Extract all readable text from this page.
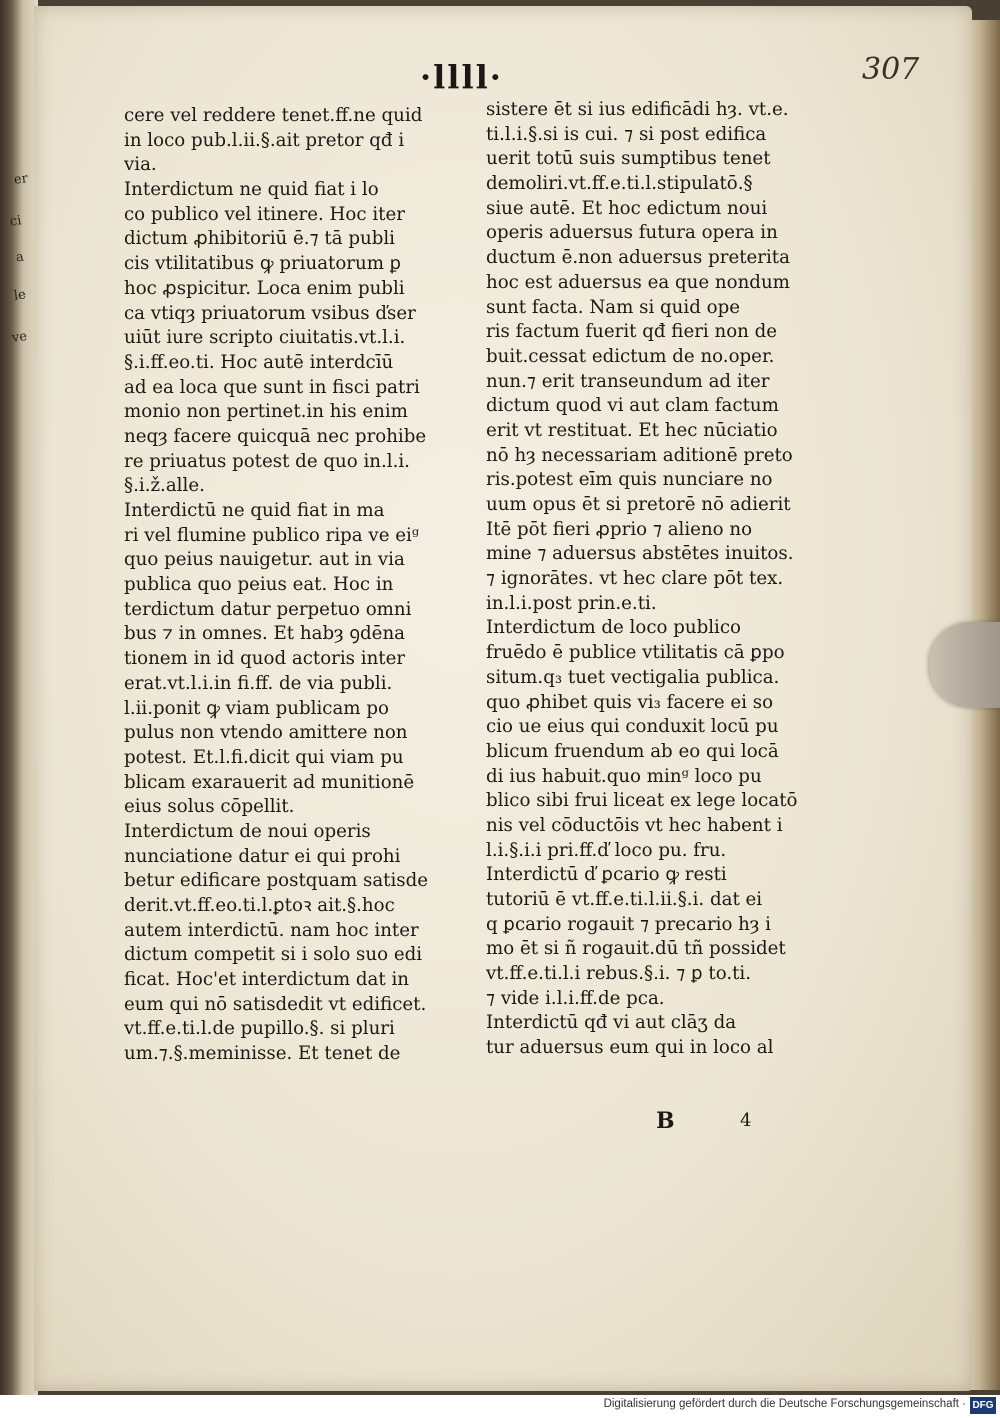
er
ci
a
le
ve
·llll·	307
cere vel reddere tenet.ff.ne quid
in loco pub.l.ii.§.ait pretor qđ i
via.
Interdictum ne quid fiat i lo
co publico vel itinere. Hoc iter
dictum ꝓhibitoriū ē.⁊ tā publi
cis vtilitatibus ꝙ priuatorum ꝑ
hoc ꝓspicitur. Loca enim publi
ca vtiqȝ priuatorum vsibus ďser
uiūt iure scripto ciuitatis.vt.l.i.
§.i.ff.eo.ti. Hoc autē interdcīū
ad ea loca que sunt in fisci patri
monio non pertinet.in his enim
neqȝ facere quicquā nec prohibe
re priuatus potest de quo in.l.i.
§.i.ž.alle.
Interdictū ne quid fiat in ma
ri vel flumine publico ripa ve eiᵍ
quo peius nauigetur. aut in via
publica quo peius eat. Hoc in
terdictum datur perpetuo omni
bus ⁊ in omnes. Et habȝ ꝯdēna
tionem in id quod actoris inter
erat.vt.l.i.in fi.ff. de via publi.
l.ii.ponit ꝙ viam publicam po
pulus non vtendo amittere non
potest. Et.l.fi.dicit qui viam pu
blicam exarauerit ad munitionē
eius solus cōpellit.
Interdictum de noui operis
nunciatione datur ei qui prohi
betur edificare postquam satisde
derit.vt.ff.eo.ti.l.ꝑtoꝛ ait.§.hoc
autem interdictū. nam hoc inter
dictum competit si i solo suo edi
ficat. Hoc'et interdictum dat in
eum qui nō satisdedit vt edificet.
vt.ff.e.ti.l.de pupillo.§. si pluri
um.⁊.§.meminisse. Et tenet de
sistere ēt si ius edificādi hȝ. vt.e.
ti.l.i.§.si is cui. ⁊ si post edifica
uerit totū suis sumptibus tenet
demoliri.vt.ff.e.ti.l.stipulatō.§
siue autē. Et hoc edictum noui
operis aduersus futura opera in
ductum ē.non aduersus preterita
hoc est aduersus ea que nondum
sunt facta. Nam si quid ope
ris factum fuerit qđ fieri non de
buit.cessat edictum de no.oper.
nun.⁊ erit transeundum ad iter
dictum quod vi aut clam factum
erit vt restituat. Et hec nūciatio
nō hȝ necessariam aditionē preto
ris.potest eīm quis nunciare no
uum opus ēt si pretorē nō adierit
Itē pōt fieri ꝓprio ⁊ alieno no
mine ⁊ aduersus abstētes inuitos.
⁊ ignorātes. vt hec clare pōt tex.
in.l.i.post prin.e.ti.
Interdictum de loco publico
fruēdo ē publice vtilitatis cā ꝑpo
situm.q₃ tuet vectigalia publica.
quo ꝓhibet quis vi₃ facere ei so
cio ue eius qui conduxit locū pu
blicum fruendum ab eo qui locā
di ius habuit.quo minᵍ loco pu
blico sibi frui liceat ex lege locatō
nis vel cōductōis vt hec habent i
l.i.§.i.i pri.ff.ď loco pu. fru.
Interdictū ď ꝑcario ꝙ resti
tutoriū ē vt.ff.e.ti.l.ii.§.i. dat ei
q ꝑcario rogauit ⁊ precario hȝ i
mo ēt si ñ rogauit.dū tñ possidet
vt.ff.e.ti.l.i rebus.§.i. ⁊ ꝑ to.ti.
⁊ vide i.l.i.ff.de pca.
Interdictū qđ vi aut clāʒ da
tur aduersus eum qui in loco al
B	4
Digitalisierung gefördert durch die Deutsche Forschungsgemeinschaft · DFG
